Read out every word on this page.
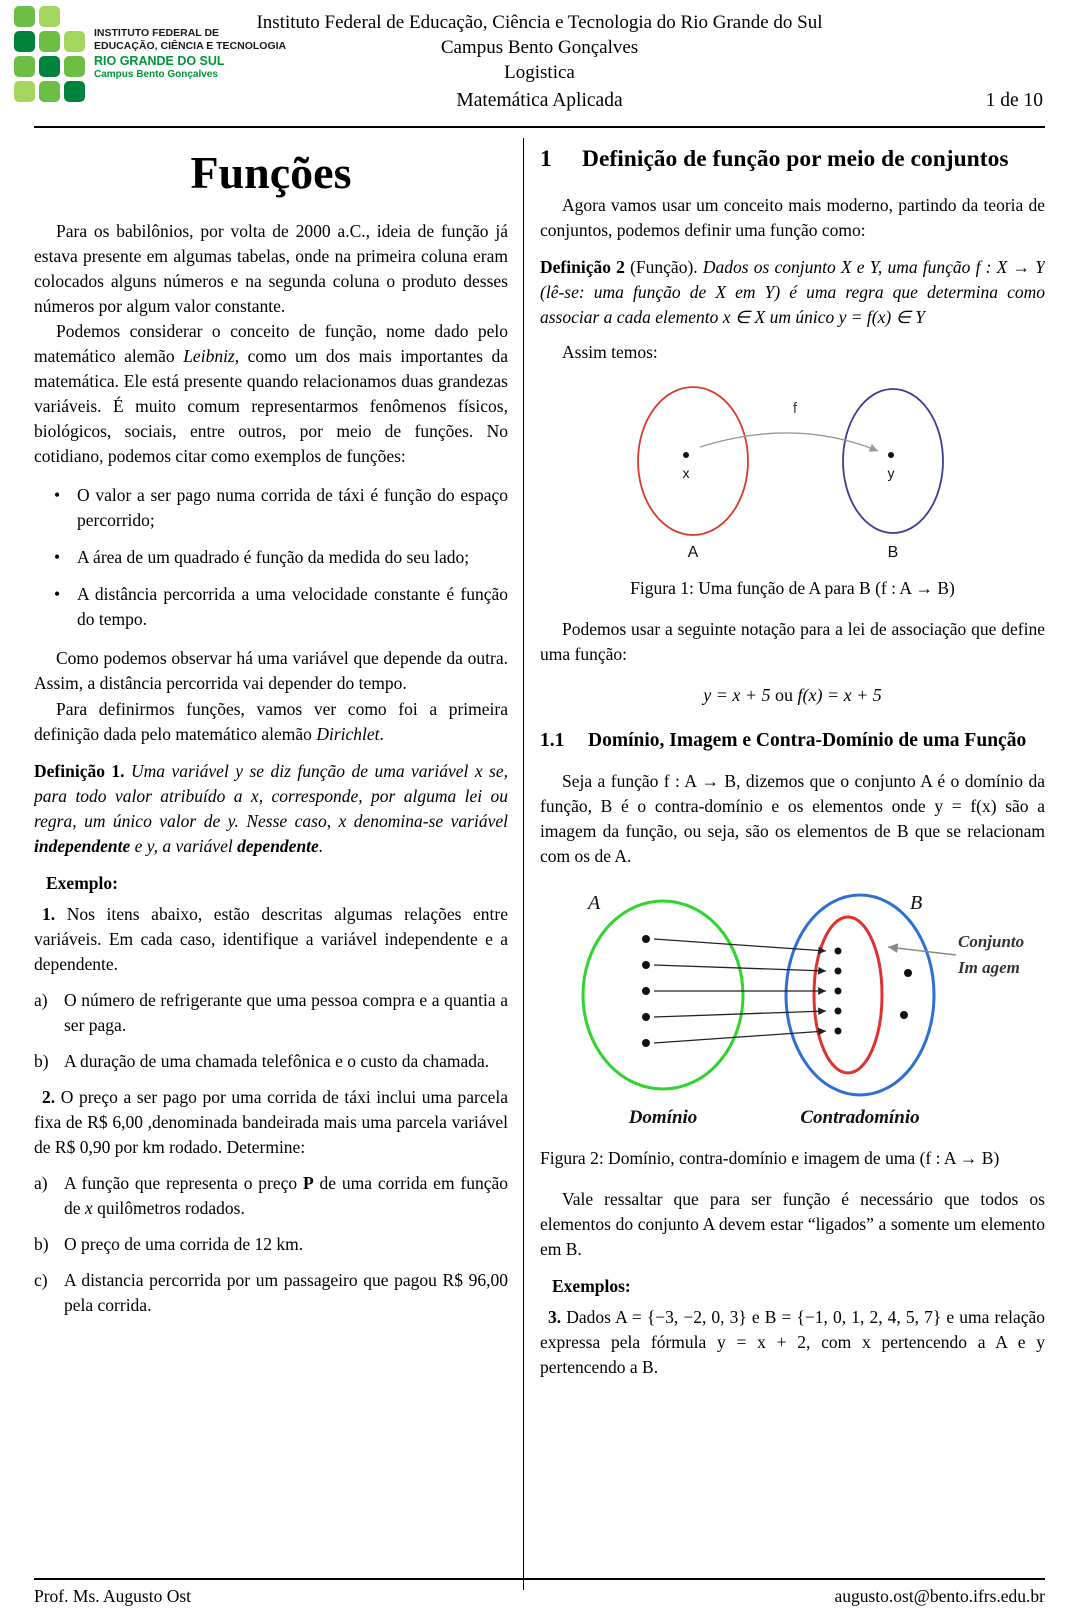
INSTITUTO FEDERAL DE
EDUCAÇÃO, CIÊNCIA E TECNOLOGIA
RIO GRANDE DO SUL
Campus Bento Gonçalves
Instituto Federal de Educação, Ciência e Tecnologia do Rio Grande do Sul
Campus Bento Gonçalves
Logistica
Matemática Aplicada	1 de 10
Funções

Para os babilônios, por volta de 2000 a.C., ideia de função já estava presente em algumas tabelas, onde na primeira coluna eram colocados alguns números e na segunda coluna o produto desses números por algum valor constante.

Podemos considerar o conceito de função, nome dado pelo matemático alemão Leibniz, como um dos mais importantes da matemática. Ele está presente quando relacionamos duas grandezas variáveis. É muito comum representarmos fenômenos físicos, biológicos, sociais, entre outros, por meio de funções. No cotidiano, podemos citar como exemplos de funções:

• O valor a ser pago numa corrida de táxi é função do espaço percorrido;
• A área de um quadrado é função da medida do seu lado;
• A distância percorrida a uma velocidade constante é função do tempo.

Como podemos observar há uma variável que depende da outra. Assim, a distância percorrida vai depender do tempo.

Para definirmos funções, vamos ver como foi a primeira definição dada pelo matemático alemão Dirichlet.

Definição 1. Uma variável y se diz função de uma variável x se, para todo valor atribuído a x, corresponde, por alguma lei ou regra, um único valor de y. Nesse caso, x denomina-se variável independente e y, a variável dependente.

Exemplo:

1. Nos itens abaixo, estão descritas algumas relações entre variáveis. Em cada caso, identifique a variável independente e a dependente.

a) O número de refrigerante que uma pessoa compra e a quantia a ser paga.
b) A duração de uma chamada telefônica e o custo da chamada.

2. O preço a ser pago por uma corrida de táxi inclui uma parcela fixa de R$ 6,00 ,denominada bandeirada mais uma parcela variável de R$ 0,90 por km rodado. Determine:

a) A função que representa o preço P de uma corrida em função de x quilômetros rodados.
b) O preço de uma corrida de 12 km.
c) A distancia percorrida por um passageiro que pagou R$ 96,00 pela corrida.
1	Definição de função por meio de conjuntos

Agora vamos usar um conceito mais moderno, partindo da teoria de conjuntos, podemos definir uma função como:

Definição 2 (Função). Dados os conjunto X e Y, uma função f : X → Y (lê-se: uma função de X em Y) é uma regra que determina como associar a cada elemento x ∈ X um único y = f(x) ∈ Y

Assim temos:

f
x	y
A	B

Figura 1: Uma função de A para B (f : A → B)

Podemos usar a seguinte notação para a lei de associação que define uma função:

y = x + 5 ou f(x) = x + 5

1.1	Domínio, Imagem e Contra-Domínio de uma Função

Seja a função f : A → B, dizemos que o conjunto A é o domínio da função, B é o contra-domínio e os elementos onde y = f(x) são a imagem da função, ou seja, são os elementos de B que se relacionam com os de A.

A	B
Conjunto
Im agem
Domínio	Contradomínio

Figura 2: Domínio, contra-domínio e imagem de uma (f : A → B)

Vale ressaltar que para ser função é necessário que todos os elementos do conjunto A devem estar “ligados” a somente um elemento em B.

Exemplos:

3. Dados A = {−3, −2, 0, 3} e B = {−1, 0, 1, 2, 4, 5, 7} e uma relação expressa pela fórmula y = x + 2, com x pertencendo a A e y pertencendo a B.

Prof. Ms. Augusto Ost	augusto.ost@bento.ifrs.edu.br
